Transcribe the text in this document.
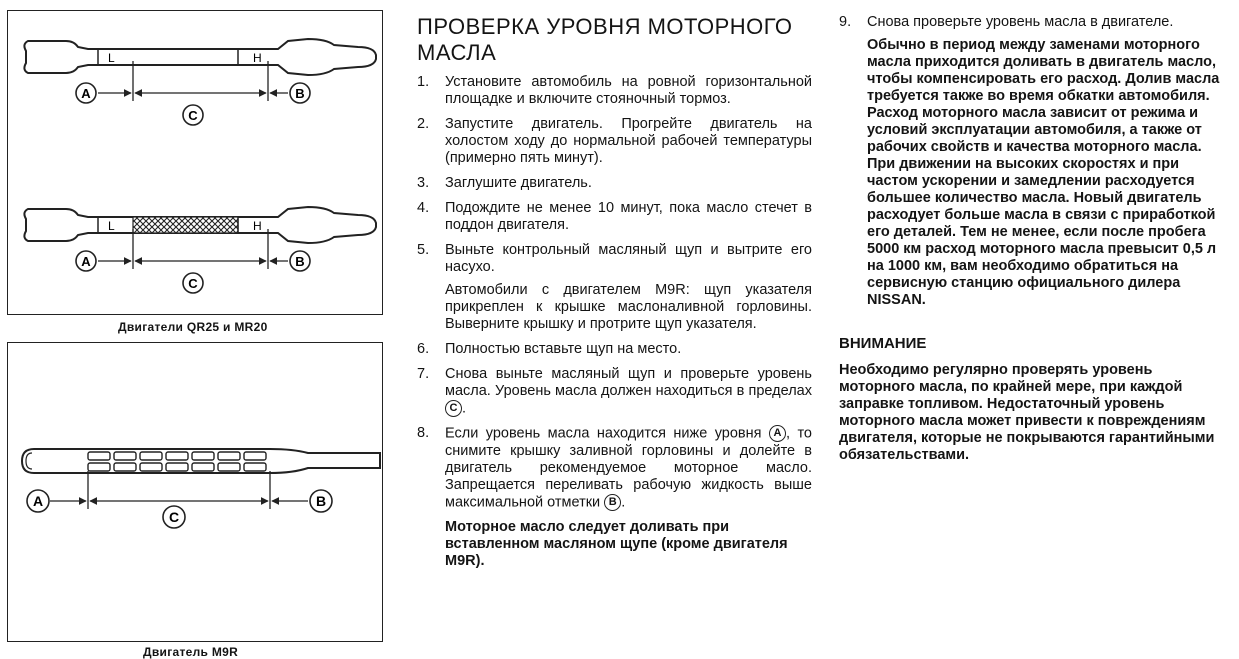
L	H
A	B
C
L	H
A	B
C
Двигатели QR25 и MR20
A	B
C
Двигатель M9R
ПРОВЕРКА УРОВНЯ МОТОРНОГО МАСЛА
1. Установите автомобиль на ровной горизонтальной площадке и включите стояночный тормоз.
2. Запустите двигатель. Прогрейте двигатель на холостом ходу до нормальной рабочей температуры (примерно пять минут).
3. Заглушите двигатель.
4. Подождите не менее 10 минут, пока масло стечет в поддон двигателя.
5. Выньте контрольный масляный щуп и вытрите его насухо.
Автомобили с двигателем M9R: щуп указателя прикреплен к крышке маслоналивной горловины. Выверните крышку и протрите щуп указателя.
6. Полностью вставьте щуп на место.
7. Снова выньте масляный щуп и проверьте уровень масла. Уровень масла должен находиться в пределах C .
8. Если уровень масла находится ниже уровня A , то снимите крышку заливной горловины и долейте в двигатель рекомендуемое моторное масло. Запрещается переливать рабочую жидкость выше максимальной отметки B .
Моторное масло следует доливать при вставленном масляном щупе (кроме двигателя M9R).
9. Снова проверьте уровень масла в двигателе.
Обычно в период между заменами моторного масла приходится доливать в двигатель масло, чтобы компенсировать его расход. Долив масла требуется также во время обкатки автомобиля. Расход моторного масла зависит от режима и условий эксплуатации автомобиля, а также от рабочих свойств и качества моторного масла. При движении на высоких скоростях и при частом ускорении и замедлении расходуется большее количество масла. Новый двигатель расходует больше масла в связи с приработкой его деталей. Тем не менее, если после пробега 5000 км расход моторного масла превысит 0,5 л на 1000 км, вам необходимо обратиться на сервисную станцию официального дилера NISSAN.
ВНИМАНИЕ
Необходимо регулярно проверять уровень моторного масла, по крайней мере, при каждой заправке топливом. Недостаточный уровень моторного масла может привести к повреждениям двигателя, которые не покрываются гарантийными обязательствами.
